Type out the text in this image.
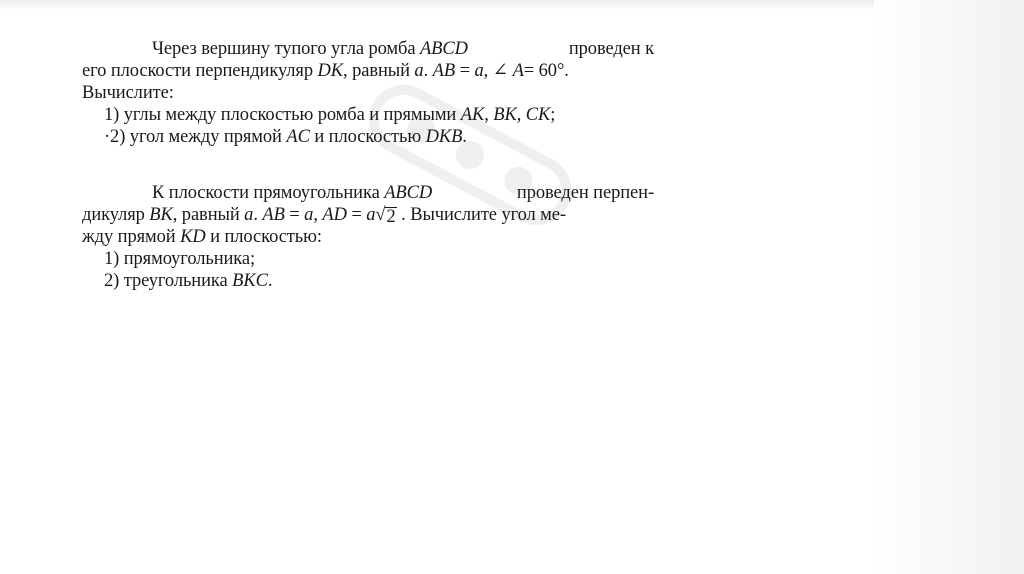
Через вершину тупого угла ромба ABCD	проведен к
его плоскости перпендикуляр DK, равный a. AB = a, ∠ A= 60°.
Вычислите:
1) углы между плоскостью ромба и прямыми AK, BK, CK;
·2) угол между прямой AC и плоскостью DKB.
К плоскости прямоугольника ABCD	проведен перпен-
дикуляр BK, равный a. AB = a, AD = a √ 2 . Вычислите угол ме-
жду прямой KD и плоскостью:
1) прямоугольника;
2) треугольника BKC.
